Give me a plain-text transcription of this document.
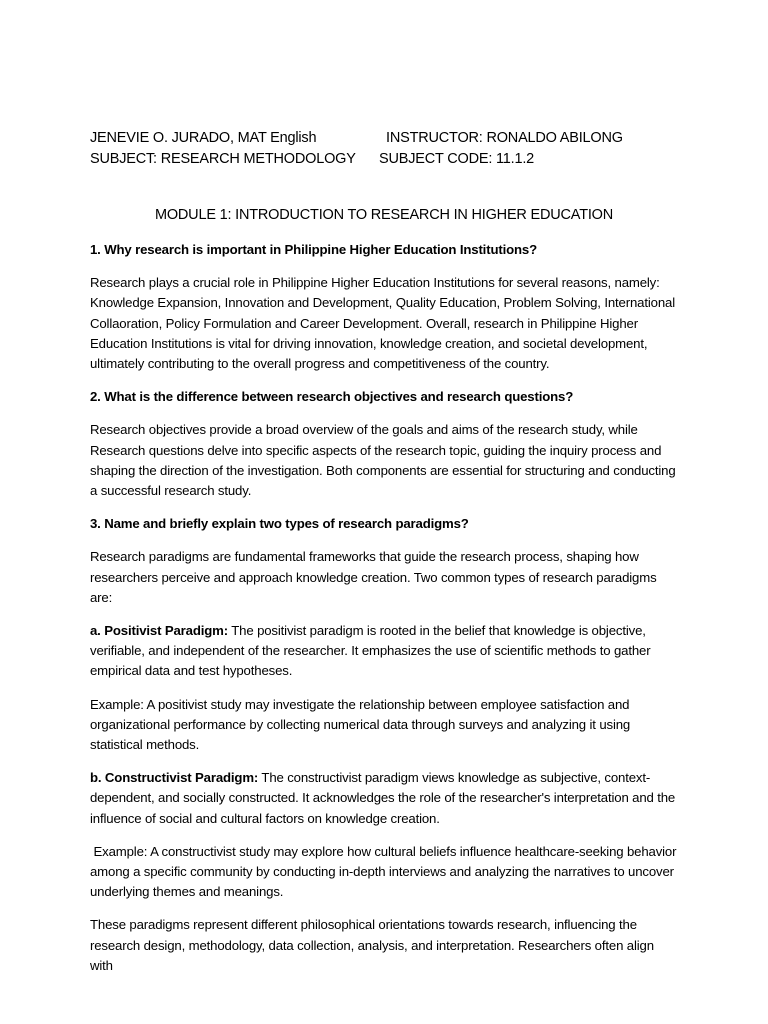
JENEVIE O. JURADO, MAT English	INSTRUCTOR: RONALDO ABILONG
SUBJECT: RESEARCH METHODOLOGY SUBJECT CODE: 11.1.2
MODULE 1: INTRODUCTION TO RESEARCH IN HIGHER EDUCATION

1. Why research is important in Philippine Higher Education Institutions?

Research plays a crucial role in Philippine Higher Education Institutions for several reasons, namely: Knowledge Expansion, Innovation and Development, Quality Education, Problem Solving, International Collaoration, Policy Formulation and Career Development. Overall, research in Philippine Higher Education Institutions is vital for driving innovation, knowledge creation, and societal development, ultimately contributing to the overall progress and competitiveness of the country.

2. What is the difference between research objectives and research questions?

Research objectives provide a broad overview of the goals and aims of the research study, while Research questions delve into specific aspects of the research topic, guiding the inquiry process and shaping the direction of the investigation. Both components are essential for structuring and conducting a successful research study.

3. Name and briefly explain two types of research paradigms?

Research paradigms are fundamental frameworks that guide the research process, shaping how researchers perceive and approach knowledge creation. Two common types of research paradigms are:

a. Positivist Paradigm: The positivist paradigm is rooted in the belief that knowledge is objective, verifiable, and independent of the researcher. It emphasizes the use of scientific methods to gather empirical data and test hypotheses.

Example: A positivist study may investigate the relationship between employee satisfaction and organizational performance by collecting numerical data through surveys and analyzing it using statistical methods.

b. Constructivist Paradigm: The constructivist paradigm views knowledge as subjective, context-dependent, and socially constructed. It acknowledges the role of the researcher's interpretation and the influence of social and cultural factors on knowledge creation.

Example: A constructivist study may explore how cultural beliefs influence healthcare-seeking behavior among a specific community by conducting in-depth interviews and analyzing the narratives to uncover underlying themes and meanings.

These paradigms represent different philosophical orientations towards research, influencing the research design, methodology, data collection, analysis, and interpretation. Researchers often align with
